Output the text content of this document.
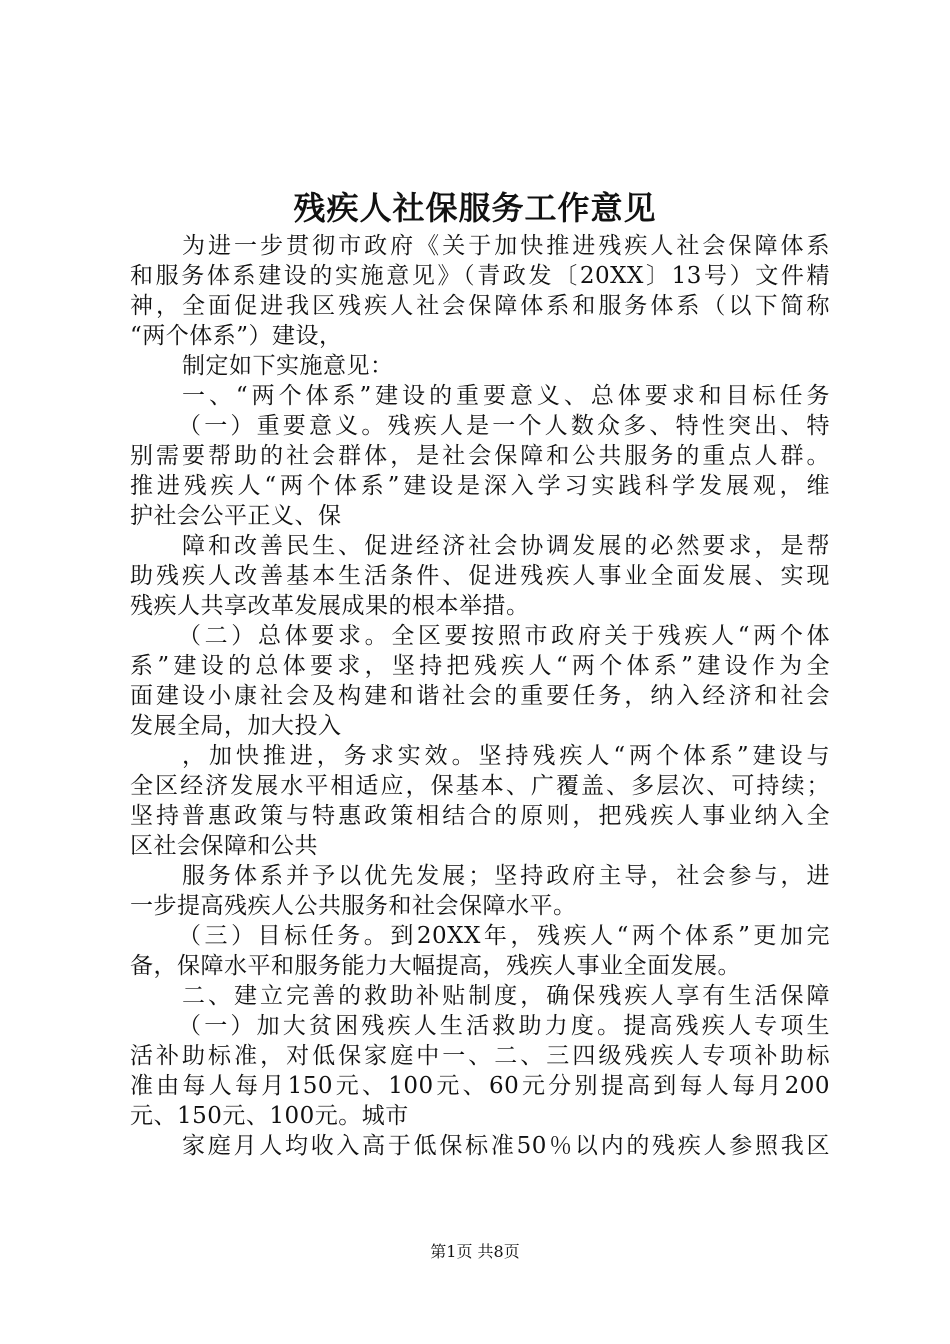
残疾人社保服务工作意见
为进一步贯彻市政府《关于加快推进残疾人社会保障体系
和服务体系建设的实施意见》（青政发〔20XX〕13号）文件精
神，全面促进我区残疾人社会保障体系和服务体系（以下简称
“两个体系”）建设，
制定如下实施意见：
一、“两个体系”建设的重要意义、总体要求和目标任务
（一）重要意义。残疾人是一个人数众多、特性突出、特
别需要帮助的社会群体，是社会保障和公共服务的重点人群。
推进残疾人“两个体系”建设是深入学习实践科学发展观，维
护社会公平正义、保
障和改善民生、促进经济社会协调发展的必然要求，是帮
助残疾人改善基本生活条件、促进残疾人事业全面发展、实现
残疾人共享改革发展成果的根本举措。
（二）总体要求。全区要按照市政府关于残疾人“两个体
系”建设的总体要求，坚持把残疾人“两个体系”建设作为全
面建设小康社会及构建和谐社会的重要任务，纳入经济和社会
发展全局，加大投入
，加快推进，务求实效。坚持残疾人“两个体系”建设与
全区经济发展水平相适应，保基本、广覆盖、多层次、可持续；
坚持普惠政策与特惠政策相结合的原则，把残疾人事业纳入全
区社会保障和公共
服务体系并予以优先发展；坚持政府主导，社会参与，进
一步提高残疾人公共服务和社会保障水平。
（三）目标任务。到20XX年，残疾人“两个体系”更加完
备，保障水平和服务能力大幅提高，残疾人事业全面发展。
二、建立完善的救助补贴制度，确保残疾人享有生活保障
（一）加大贫困残疾人生活救助力度。提高残疾人专项生
活补助标准，对低保家庭中一、二、三四级残疾人专项补助标
准由每人每月150元、100元、60元分别提高到每人每月200
元、150元、100元。城市
家庭月人均收入高于低保标准50％以内的残疾人参照我区
第1页 共8页
